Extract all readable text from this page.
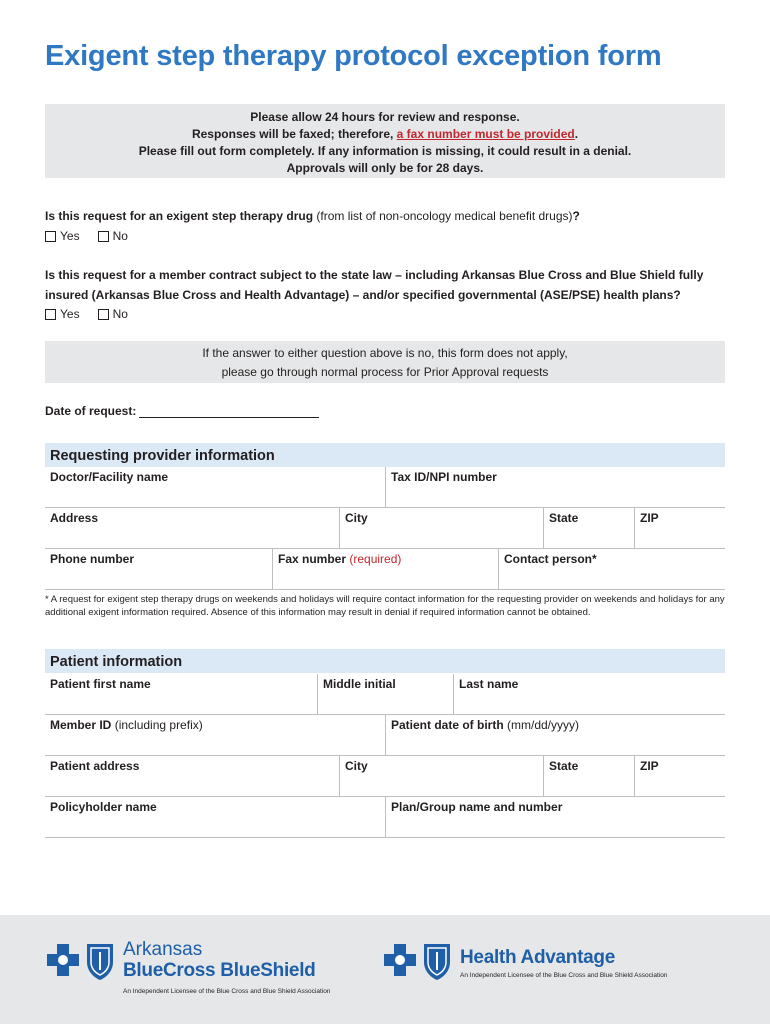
Exigent step therapy protocol exception form
Please allow 24 hours for review and response.
Responses will be faxed; therefore, a fax number must be provided.
Please fill out form completely. If any information is missing, it could result in a denial.
Approvals will only be for 28 days.
Is this request for an exigent step therapy drug (from list of non-oncology medical benefit drugs)?
Yes	No
Is this request for a member contract subject to the state law – including Arkansas Blue Cross and Blue Shield fully insured (Arkansas Blue Cross and Health Advantage) – and/or specified governmental (ASE/PSE) health plans?
Yes	No
If the answer to either question above is no, this form does not apply,
please go through normal process for Prior Approval requests
Date of request:
Requesting provider information
Doctor/Facility name	Tax ID/NPI number
Address	City	State	ZIP
Phone number	Fax number (required)	Contact person*
* A request for exigent step therapy drugs on weekends and holidays will require contact information for the requesting provider on weekends and holidays for any additional exigent information required. Absence of this information may result in denial if required information cannot be obtained.
Patient information
Patient first name	Middle initial	Last name
Member ID (including prefix)	Patient date of birth (mm/dd/yyyy)
Patient address	City	State	ZIP
Policyholder name	Plan/Group name and number
Arkansas
BlueCross BlueShield
An Independent Licensee of the Blue Cross and Blue Shield Association
Health Advantage
An Independent Licensee of the Blue Cross and Blue Shield Association
